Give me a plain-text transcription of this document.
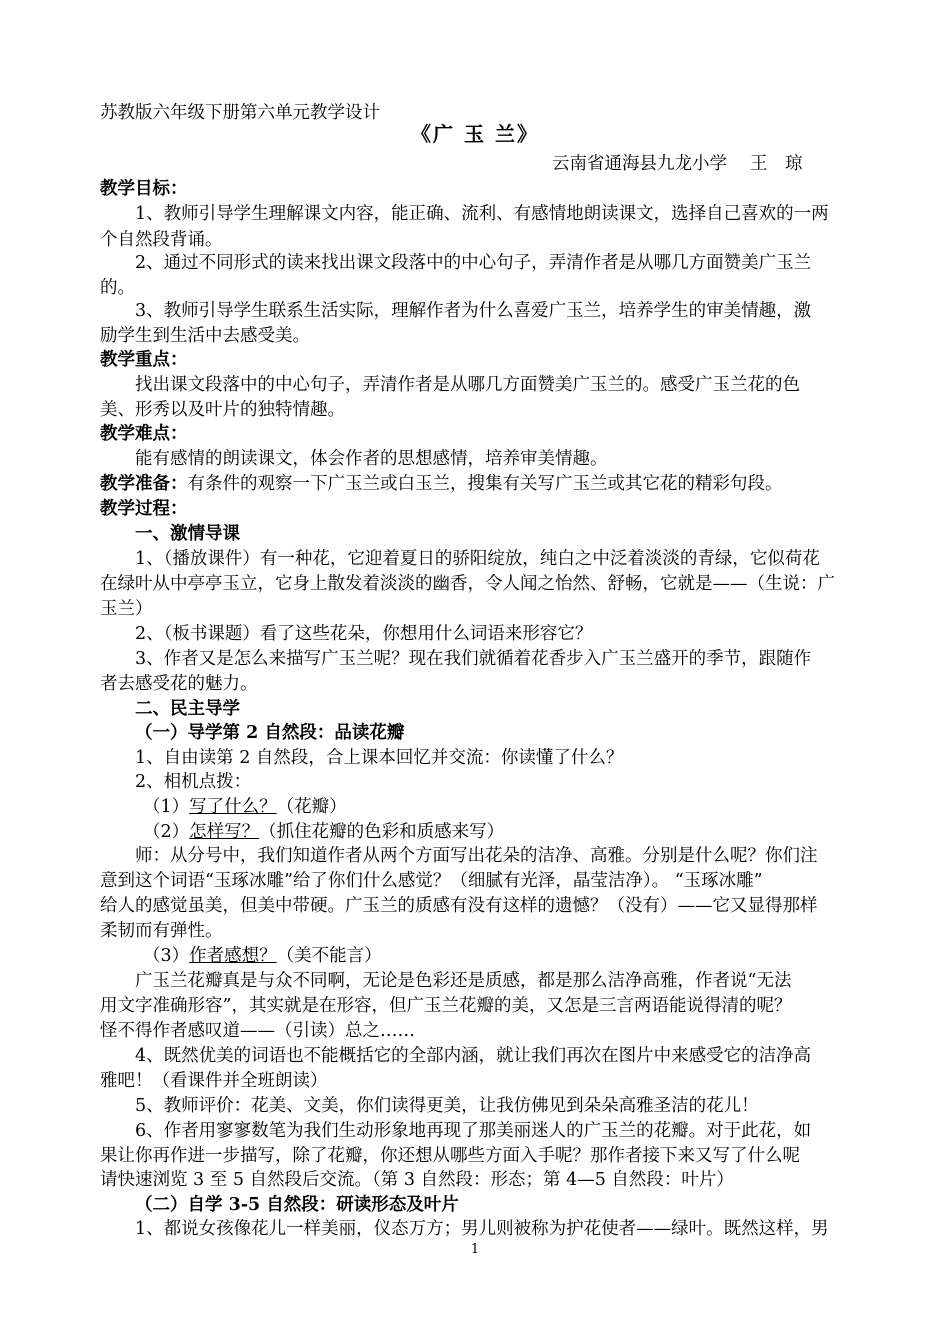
苏教版六年级下册第六单元教学设计
《广 玉 兰》
云南省通海县九龙小学　 王　琼
教学目标：
1、教师引导学生理解课文内容，能正确、流利、有感情地朗读课文，选择自己喜欢的一两
个自然段背诵。
2、通过不同形式的读来找出课文段落中的中心句子，弄清作者是从哪几方面赞美广玉兰
的。
3、教师引导学生联系生活实际，理解作者为什么喜爱广玉兰，培养学生的审美情趣，激
励学生到生活中去感受美。
教学重点：
找出课文段落中的中心句子，弄清作者是从哪几方面赞美广玉兰的。感受广玉兰花的色
美、形秀以及叶片的独特情趣。
教学难点：
能有感情的朗读课文，体会作者的思想感情，培养审美情趣。
教学准备：有条件的观察一下广玉兰或白玉兰，搜集有关写广玉兰或其它花的精彩句段。
教学过程：
一、激情导课
1、（播放课件）有一种花，它迎着夏日的骄阳绽放，纯白之中泛着淡淡的青绿，它似荷花
在绿叶从中亭亭玉立，它身上散发着淡淡的幽香，令人闻之怡然、舒畅，它就是——（生说：广
玉兰）
2、（板书课题）看了这些花朵，你想用什么词语来形容它？
3、作者又是怎么来描写广玉兰呢？现在我们就循着花香步入广玉兰盛开的季节，跟随作
者去感受花的魅力。
二、民主导学
（一）导学第 2 自然段：品读花瓣
1、自由读第 2 自然段，合上课本回忆并交流：你读懂了什么？
2、相机点拨：
（1）写了什么？（花瓣）
（2）怎样写？（抓住花瓣的色彩和质感来写）
师：从分号中，我们知道作者从两个方面写出花朵的洁净、高雅。分别是什么呢？你们注
意到这个词语“玉琢冰雕”给了你们什么感觉？（细腻有光泽，晶莹洁净）。 “玉琢冰雕”
给人的感觉虽美，但美中带硬。广玉兰的质感有没有这样的遗憾？（没有）——它又显得那样
柔韧而有弹性。
（3）作者感想？（美不能言）
广玉兰花瓣真是与众不同啊，无论是色彩还是质感，都是那么洁净高雅，作者说“无法
用文字准确形容”，其实就是在形容，但广玉兰花瓣的美，又怎是三言两语能说得清的呢？
怪不得作者感叹道——（引读）总之……
4、既然优美的词语也不能概括它的全部内涵，就让我们再次在图片中来感受它的洁净高
雅吧！（看课件并全班朗读）
5、教师评价：花美、文美，你们读得更美，让我仿佛见到朵朵高雅圣洁的花儿！
6、作者用寥寥数笔为我们生动形象地再现了那美丽迷人的广玉兰的花瓣。对于此花，如
果让你再作进一步描写，除了花瓣，你还想从哪些方面入手呢？那作者接下来又写了什么呢
请快速浏览 3 至 5 自然段后交流。（第 3 自然段：形态；第 4—5 自然段：叶片）
（二）自学 3-5 自然段：研读形态及叶片
1、都说女孩像花儿一样美丽，仪态万方；男儿则被称为护花使者——绿叶。既然这样，男
1
